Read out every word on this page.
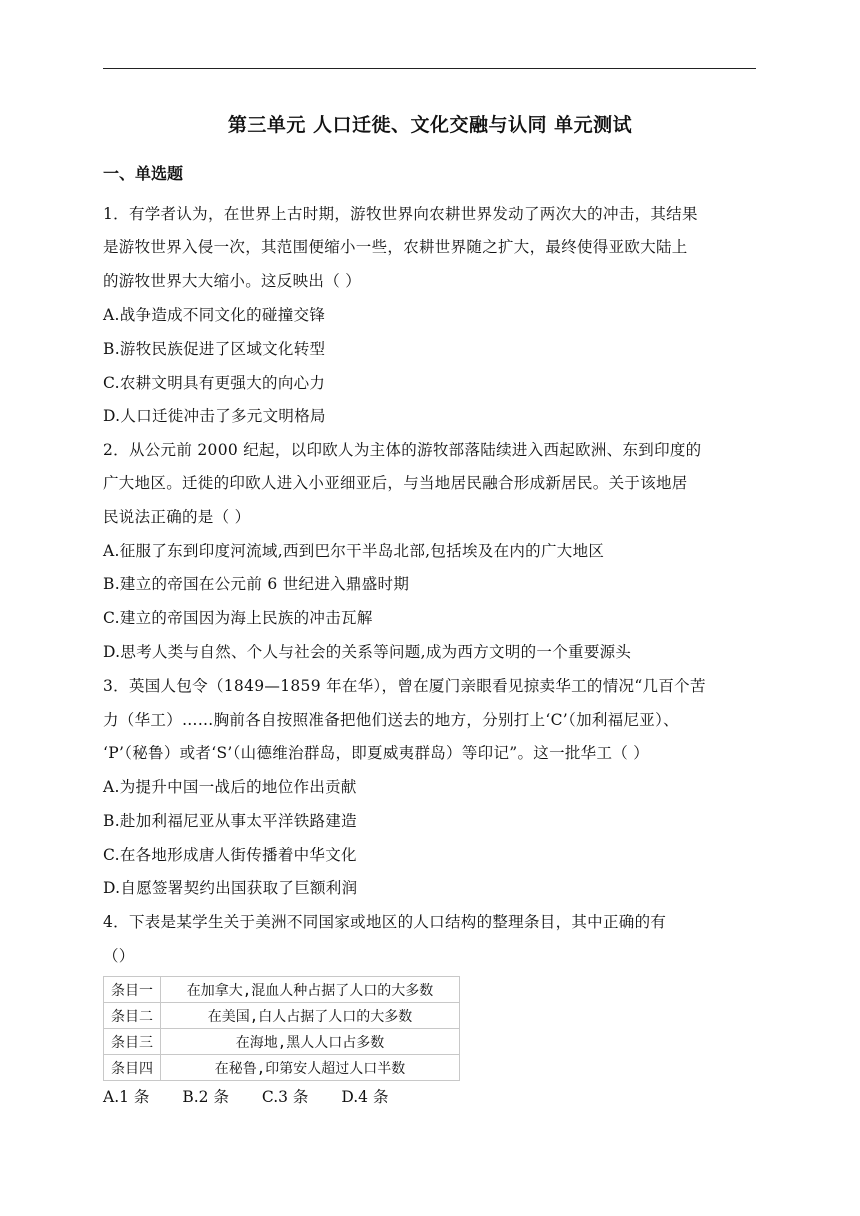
第三单元 人口迁徙、文化交融与认同 单元测试
一、单选题
1．有学者认为，在世界上古时期，游牧世界向农耕世界发动了两次大的冲击，其结果
是游牧世界入侵一次，其范围便缩小一些，农耕世界随之扩大，最终使得亚欧大陆上
的游牧世界大大缩小。这反映出（ ）
A.战争造成不同文化的碰撞交锋
B.游牧民族促进了区域文化转型
C.农耕文明具有更强大的向心力
D.人口迁徙冲击了多元文明格局
2．从公元前 2000 纪起，以印欧人为主体的游牧部落陆续进入西起欧洲、东到印度的
广大地区。迁徙的印欧人进入小亚细亚后，与当地居民融合形成新居民。关于该地居
民说法正确的是（ ）
A.征服了东到印度河流域,西到巴尔干半岛北部,包括埃及在内的广大地区
B.建立的帝国在公元前 6 世纪进入鼎盛时期
C.建立的帝国因为海上民族的冲击瓦解
D.思考人类与自然、个人与社会的关系等问题,成为西方文明的一个重要源头
3．英国人包令（1849—1859 年在华），曾在厦门亲眼看见掠卖华工的情况“几百个苦
力（华工）……胸前各自按照准备把他们送去的地方，分别打上‘C’（加利福尼亚）、
‘P’（秘鲁）或者‘S’（山德维治群岛，即夏威夷群岛）等印记”。这一批华工（ ）
A.为提升中国一战后的地位作出贡献
B.赴加利福尼亚从事太平洋铁路建造
C.在各地形成唐人街传播着中华文化
D.自愿签署契约出国获取了巨额利润
4．下表是某学生关于美洲不同国家或地区的人口结构的整理条目，其中正确的有
（）
条目一	在加拿大,混血人种占据了人口的大多数
条目二	在美国,白人占据了人口的大多数
条目三	在海地,黑人人口占多数
条目四	在秘鲁,印第安人超过人口半数
A.1 条 B.2 条 C.3 条 D.4 条
